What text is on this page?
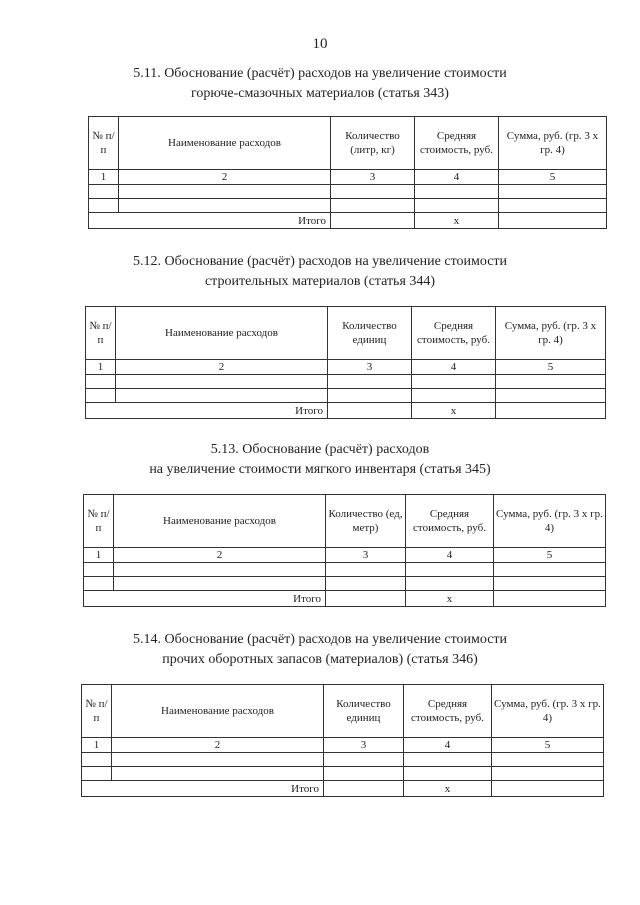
10
5.11. Обоснование (расчёт) расходов на увеличение стоимости
горюче-смазочных материалов (статья 343)
№ п/п	Наименование расходов	Количество (литр, кг)	Средняя стоимость, руб.	Сумма, руб. (гр. 3 х гр. 4)
1	2	3	4	5

Итого			х	
5.12. Обоснование (расчёт) расходов на увеличение стоимости
строительных материалов (статья 344)
№ п/п	Наименование расходов	Количество единиц	Средняя стоимость, руб.	Сумма, руб. (гр. 3 х гр. 4)
1	2	3	4	5

Итого			х	
5.13. Обоснование (расчёт) расходов
на увеличение стоимости мягкого инвентаря (статья 345)
№ п/п	Наименование расходов	Количество (ед, метр)	Средняя стоимость, руб.	Сумма, руб. (гр. 3 х гр. 4)
1	2	3	4	5

Итого			х	
5.14. Обоснование (расчёт) расходов на увеличение стоимости
прочих оборотных запасов (материалов) (статья 346)
№ п/п	Наименование расходов	Количество единиц	Средняя стоимость, руб.	Сумма, руб. (гр. 3 х гр. 4)
1	2	3	4	5

Итого			х	
